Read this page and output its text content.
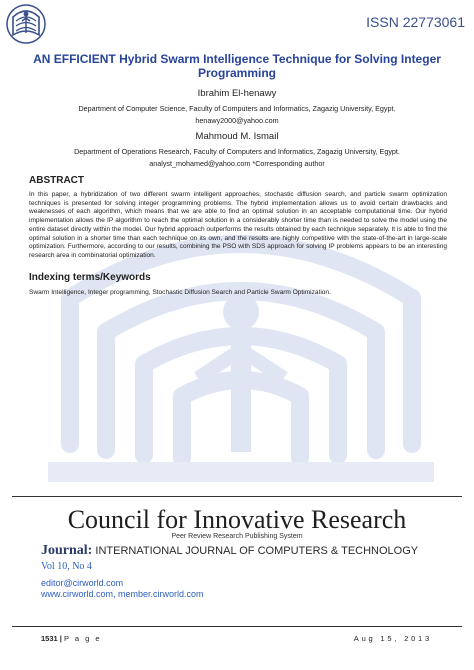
ISSN 22773061
AN EFFICIENT Hybrid Swarm Intelligence Technique for Solving Integer Programming
Ibrahim El-henawy
Department of Computer Science, Faculty of Computers and Informatics, Zagazig University, Egypt.
henawy2000@yahoo.com
Mahmoud M. Ismail
Department of Operations Research, Faculty of Computers and Informatics, Zagazig University, Egypt.
analyst_mohamed@yahoo.com *Corresponding author
ABSTRACT
In this paper, a hybridization of two different swarm intelligent approaches, stochastic diffusion search, and particle swarm optimization techniques is presented for solving integer programming problems. The hybrid implementation allows us to avoid certain drawbacks and weaknesses of each algorithm, which means that we are able to find an optimal solution in an acceptable computational time. Our hybrid implementation allows the IP algorithm to reach the optimal solution in a considerably shorter time than is needed to solve the model using the entire dataset directly within the model. Our hybrid approach outperforms the results obtained by each technique separately. It is able to find the optimal solution in a shorter time than each technique on its own, and the results are highly competitive with the state-of-the-art in large-scale optimization. Furthermore, according to our results, combining the PSO with SDS approach for solving IP problems appears to be an interesting research area in combinatorial optimization.
Indexing terms/Keywords
Swarm Intelligence, Integer programming, Stochastic Diffusion Search and Particle Swarm Optimization.
Council for Innovative Research
Peer Review Research Publishing System
Journal: INTERNATIONAL JOURNAL OF COMPUTERS & TECHNOLOGY
Vol 10, No 4
editor@cirworld.com
www.cirworld.com, member.cirworld.com
1531 | P a g e	Aug 15, 2013
